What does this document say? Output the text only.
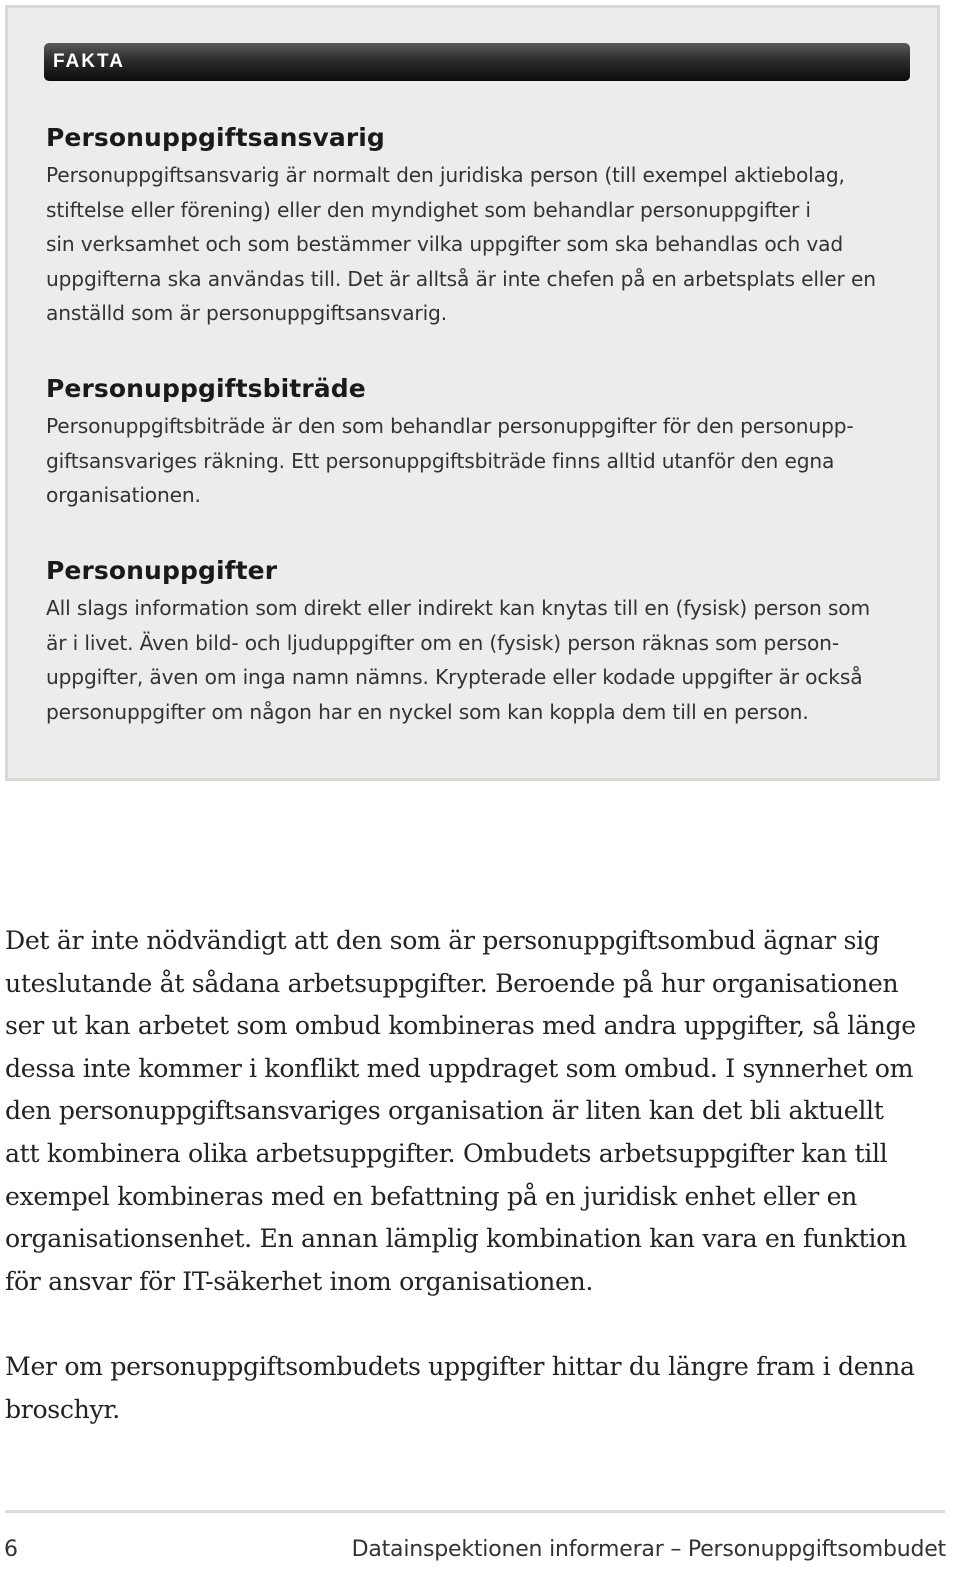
FAKTA
Personuppgiftsansvarig

Personuppgiftsansvarig är normalt den juridiska person (till exempel aktiebolag,
stiftelse eller förening) eller den myndighet som behandlar personuppgifter i
sin verksamhet och som bestämmer vilka uppgifter som ska behandlas och vad
uppgifterna ska användas till. Det är alltså är inte chefen på en arbetsplats eller en
anställd som är personuppgiftsansvarig.

Personuppgiftsbiträde

Personuppgiftsbiträde är den som behandlar personuppgifter för den personupp-
giftsansvariges räkning. Ett personuppgiftsbiträde finns alltid utanför den egna
organisationen.

Personuppgifter

All slags information som direkt eller indirekt kan knytas till en (fysisk) person som
är i livet. Även bild- och ljuduppgifter om en (fysisk) person räknas som person-
uppgifter, även om inga namn nämns. Krypterade eller kodade uppgifter är också
personuppgifter om någon har en nyckel som kan koppla dem till en person.

Det är inte nödvändigt att den som är personuppgiftsombud ägnar sig
uteslutande åt sådana arbetsuppgifter. Beroende på hur organisationen
ser ut kan arbetet som ombud kombineras med andra uppgifter, så länge
dessa inte kommer i konflikt med uppdraget som ombud. I synnerhet om
den personuppgiftsansvariges organisation är liten kan det bli aktuellt
att kombinera olika arbetsuppgifter. Ombudets arbetsuppgifter kan till
exempel kombineras med en befattning på en juridisk enhet eller en
organisationsenhet. En annan lämplig kombination kan vara en funktion
för ansvar för IT-säkerhet inom organisationen.

Mer om personuppgiftsombudets uppgifter hittar du längre fram i denna
broschyr.

6	Datainspektionen informerar – Personuppgiftsombudet
